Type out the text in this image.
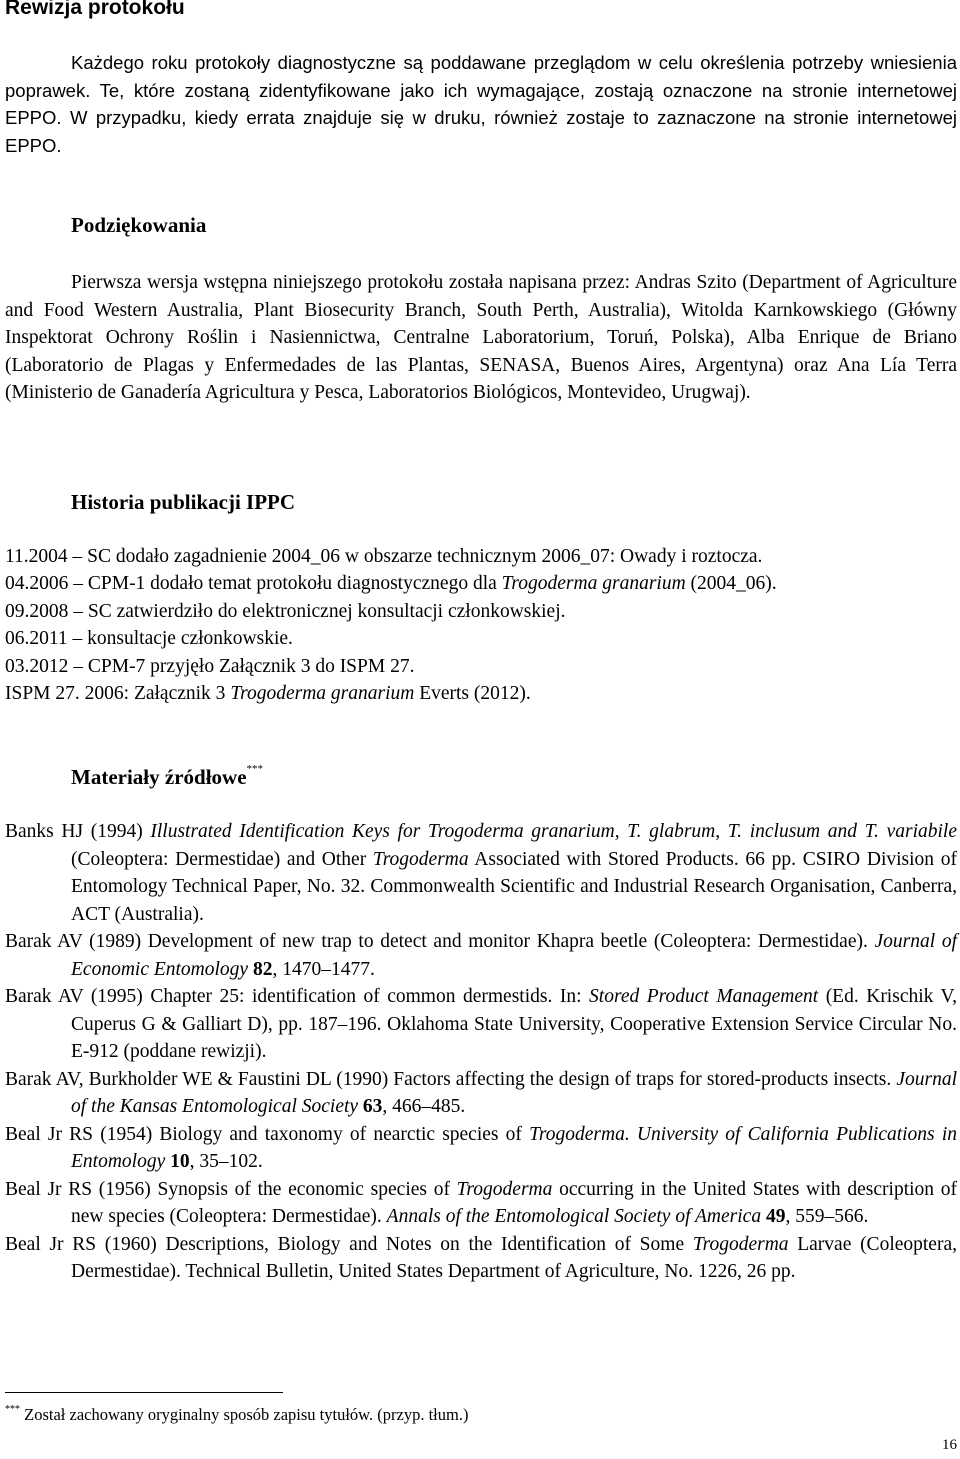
Rewizja protokołu

Każdego roku protokoły diagnostyczne są poddawane przeglądom w celu określenia potrzeby wniesienia poprawek. Te, które zostaną zidentyfikowane jako ich wymagające, zostają oznaczone na stronie internetowej EPPO. W przypadku, kiedy errata znajduje się w druku, również zostaje to zaznaczone na stronie internetowej EPPO.

Podziękowania

Pierwsza wersja wstępna niniejszego protokołu została napisana przez: Andras Szito (Department of Agriculture and Food Western Australia, Plant Biosecurity Branch, South Perth, Australia), Witolda Karnkowskiego (Główny Inspektorat Ochrony Roślin i Nasiennictwa, Centralne Laboratorium, Toruń, Polska), Alba Enrique de Briano (Laboratorio de Plagas y Enfermedades de las Plantas, SENASA, Buenos Aires, Argentyna) oraz Ana Lía Terra (Ministerio de Ganadería Agricultura y Pesca, Laboratorios Biológicos, Montevideo, Urugwaj).

Historia publikacji IPPC
11.2004 – SC dodało zagadnienie 2004_06 w obszarze technicznym 2006_07: Owady i roztocza.
04.2006 – CPM-1 dodało temat protokołu diagnostycznego dla Trogoderma granarium (2004_06).
09.2008 – SC zatwierdziło do elektronicznej konsultacji członkowskiej.
06.2011 – konsultacje członkowskie.
03.2012 – CPM-7 przyjęło Załącznik 3 do ISPM 27.
ISPM 27. 2006: Załącznik 3 Trogoderma granarium Everts (2012).
Materiały źródłowe***
Banks HJ (1994) Illustrated Identification Keys for Trogoderma granarium, T. glabrum, T. inclusum and T. variabile (Coleoptera: Dermestidae) and Other Trogoderma Associated with Stored Products. 66 pp. CSIRO Division of Entomology Technical Paper, No. 32. Commonwealth Scientific and Industrial Research Organisation, Canberra, ACT (Australia).
Barak AV (1989) Development of new trap to detect and monitor Khapra beetle (Coleoptera: Dermestidae). Journal of Economic Entomology 82, 1470–1477.
Barak AV (1995) Chapter 25: identification of common dermestids. In: Stored Product Management (Ed. Krischik V, Cuperus G & Galliart D), pp. 187–196. Oklahoma State University, Cooperative Extension Service Circular No. E-912 (poddane rewizji).
Barak AV, Burkholder WE & Faustini DL (1990) Factors affecting the design of traps for stored-products insects. Journal of the Kansas Entomological Society 63, 466–485.
Beal Jr RS (1954) Biology and taxonomy of nearctic species of Trogoderma. University of California Publications in Entomology 10, 35–102.
Beal Jr RS (1956) Synopsis of the economic species of Trogoderma occurring in the United States with description of new species (Coleoptera: Dermestidae). Annals of the Entomological Society of America 49, 559–566.
Beal Jr RS (1960) Descriptions, Biology and Notes on the Identification of Some Trogoderma Larvae (Coleoptera, Dermestidae). Technical Bulletin, United States Department of Agriculture, No. 1226, 26 pp.

*** Został zachowany oryginalny sposób zapisu tytułów. (przyp. tłum.)

16
